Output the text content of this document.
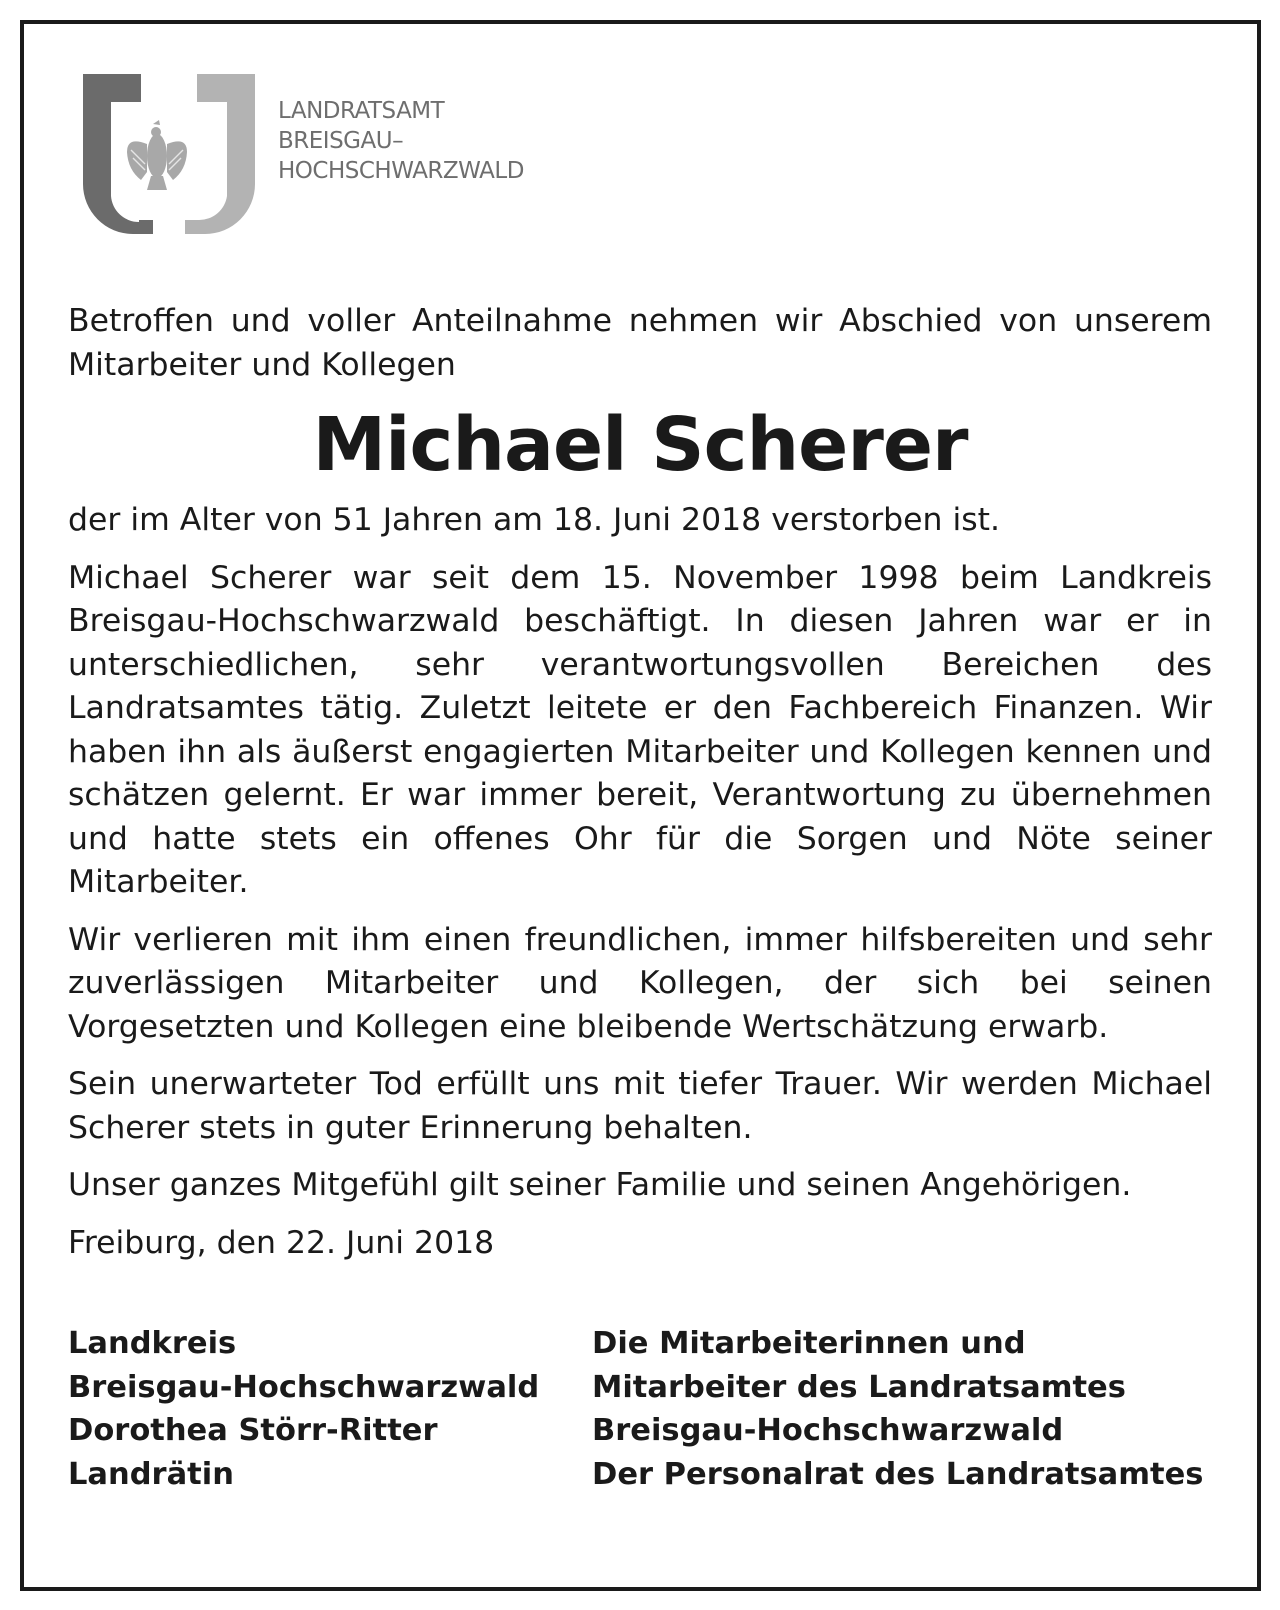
LANDRATSAMT
BREISGAU–
HOCHSCHWARZWALD

Betroffen und voller Anteilnahme nehmen wir Abschied von unserem Mitarbeiter und Kollegen

Michael Scherer

der im Alter von 51 Jahren am 18. Juni 2018 verstorben ist.

Michael Scherer war seit dem 15. November 1998 beim Landkreis Breisgau-Hochschwarzwald beschäftigt. In diesen Jahren war er in unterschiedlichen, sehr verantwortungsvollen Bereichen des Landratsamtes tätig. Zuletzt leitete er den Fachbereich Finanzen. Wir haben ihn als äußerst engagierten Mitarbeiter und Kollegen kennen und schätzen gelernt. Er war immer bereit, Verantwortung zu übernehmen und hatte stets ein offenes Ohr für die Sorgen und Nöte seiner Mitarbeiter.

Wir verlieren mit ihm einen freundlichen, immer hilfsbereiten und sehr zuverlässigen Mitarbeiter und Kollegen, der sich bei seinen Vorgesetzten und Kollegen eine bleibende Wertschätzung erwarb.

Sein unerwarteter Tod erfüllt uns mit tiefer Trauer. Wir werden Michael Scherer stets in guter Erinnerung behalten.

Unser ganzes Mitgefühl gilt seiner Familie und seinen Angehörigen.

Freiburg, den 22. Juni 2018

Landkreis
Breisgau-Hochschwarzwald
Dorothea Störr-Ritter
Landrätin
Die Mitarbeiterinnen und
Mitarbeiter des Landratsamtes
Breisgau-Hochschwarzwald
Der Personalrat des Landratsamtes
